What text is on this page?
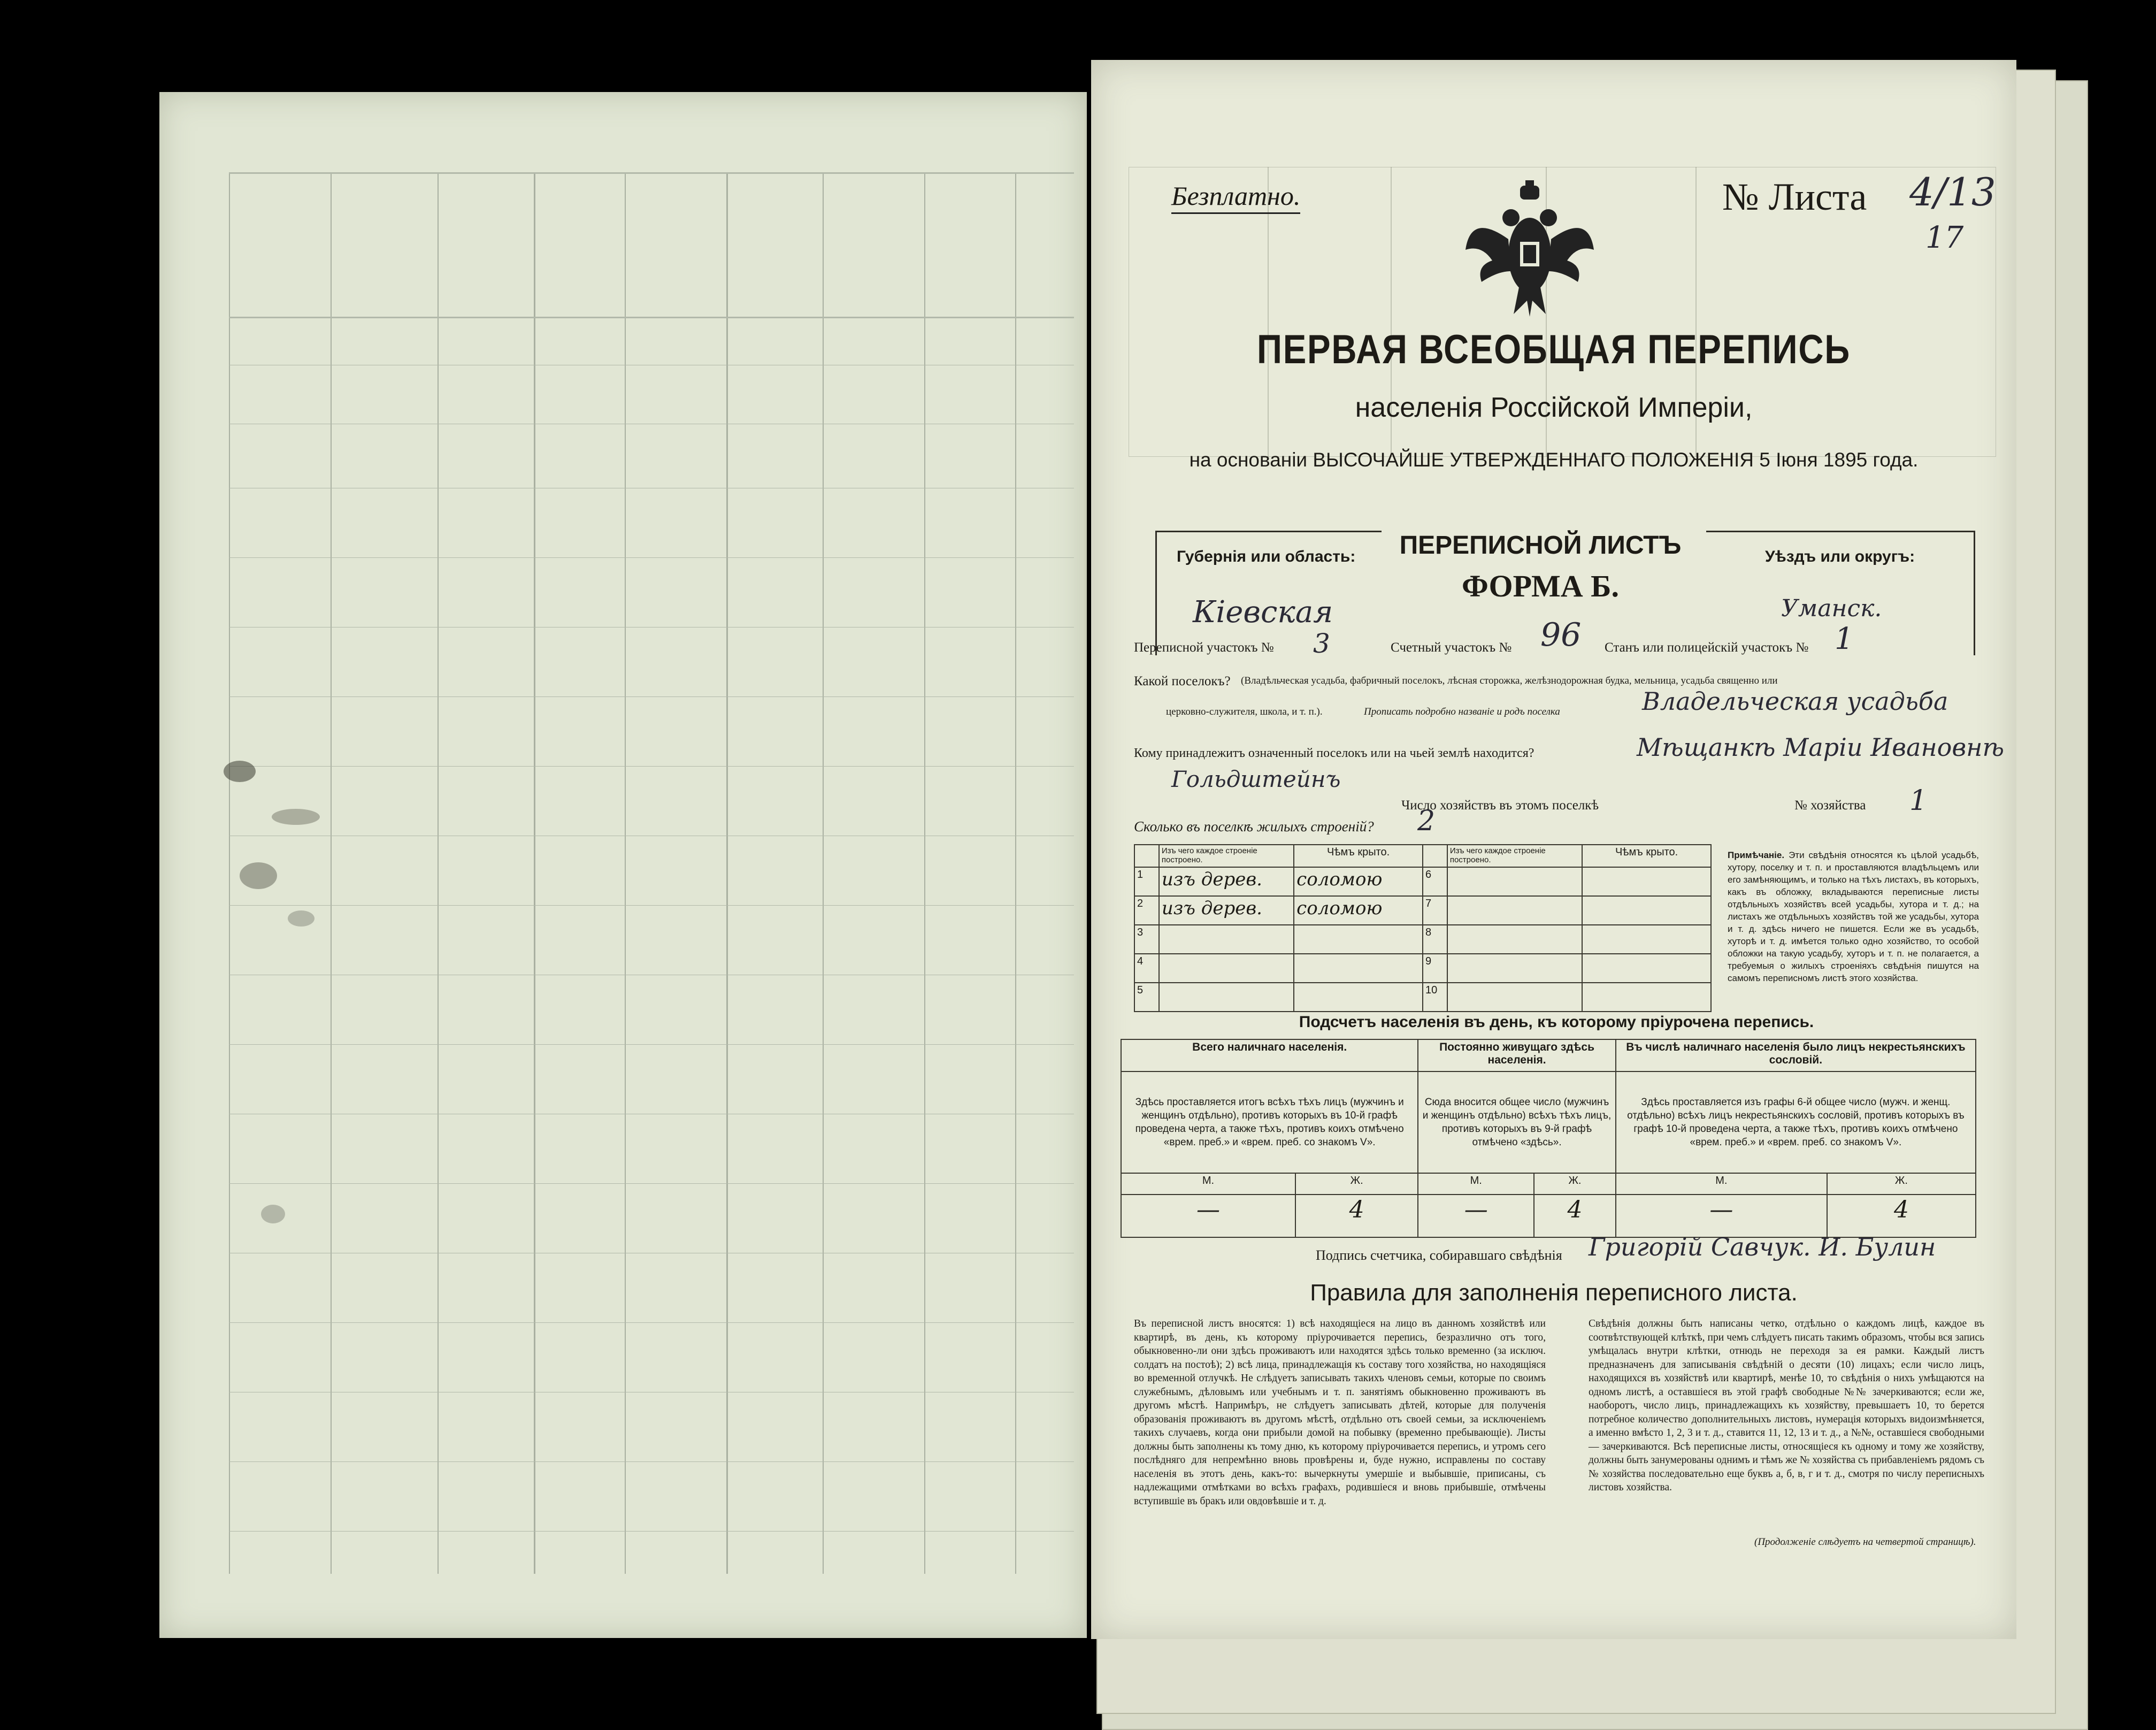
Безплатно.	№ Листа 4/13
17
ПЕРВАЯ ВСЕОБЩАЯ ПЕРЕПИСЬ
населенія Россійской Имперіи,
на основаніи ВЫСОЧАЙШЕ УТВЕРЖДЕННАГО ПОЛОЖЕНІЯ 5 Іюня 1895 года.
Губернія или область:
Кіевская
ПЕРЕПИСНОЙ ЛИСТЪ
ФОРМА Б.
Уѣздъ или округъ:
Уманск.
Переписной участокъ № 3	Счетный участокъ № 96 Станъ или полицейскій участокъ № 1
Какой поселокъ? (Владѣльческая усадьба, фабричный поселокъ, лѣсная сторожка, желѣзнодорожная будка, мельница, усадьба священно или
церковно-служителя, школа, и т. п.).	Прописать подробно названіе и родъ поселка	Владельческая усадьба
Кому принадлежитъ означенный поселокъ или на чьей землѣ находится?	Мѣщанкѣ Маріи Ивановнѣ
Гольдштейнъ
Число хозяйствъ въ этомъ поселкѣ	№ хозяйства 1
Сколько въ поселкѣ жилыхъ строеній? 2
	Изъ чего каждое строеніе построено.	Чѣмъ крыто.		Изъ чего каждое строеніе построено.	Чѣмъ крыто.
1	изъ дерев.	соломою	6		
2	изъ дерев.	соломою	7		
3			8		
4			9		
5			10		
Примѣчаніе. Эти свѣдѣнія относятся къ цѣлой усадьбѣ, хутору, поселку и т. п. и проставляются владѣльцемъ или его замѣняющимъ, и только на тѣхъ листахъ, въ которыхъ, какъ въ обложку, вкладываются переписные листы отдѣльныхъ хозяйствъ всей усадьбы, хутора и т. д.; на листахъ же отдѣльныхъ хозяйствъ той же усадьбы, хутора и т. д. здѣсь ничего не пишется. Если же въ усадьбѣ, хуторѣ и т. д. имѣется только одно хозяйство, то особой обложки на такую усадьбу, хуторъ и т. п. не полагается, а требуемыя о жилыхъ строеніяхъ свѣдѣнія пишутся на самомъ переписномъ листѣ этого хозяйства.
Подсчетъ населенія въ день, къ которому пріурочена перепись.
Всего наличнаго населенія.		Постоянно живущаго здѣсь населенія.		Въ числѣ наличнаго населенія было лицъ некрестьянскихъ сословій.	
Здѣсь проставляется итогъ всѣхъ тѣхъ лицъ (мужчинъ и женщинъ отдѣльно), противъ которыхъ въ 10-й графѣ проведена черта, а также тѣхъ, противъ коихъ отмѣчено «врем. преб.» и «врем. преб. со знакомъ V».		Сюда вносится общее число (мужчинъ и женщинъ отдѣльно) всѣхъ тѣхъ лицъ, противъ которыхъ въ 9-й графѣ отмѣчено «здѣсь».		Здѣсь проставляется изъ графы 6-й общее число (мужч. и женщ. отдѣльно) всѣхъ лицъ некрестьянскихъ сословій, противъ которыхъ въ графѣ 10-й проведена черта, а также тѣхъ, противъ коихъ отмѣчено «врем. преб.» и «врем. преб. со знакомъ V».	
М.	Ж.	М.	Ж.	М.	Ж.
—	4	—	4	—	4
Подпись счетчика, собиравшаго свѣдѣнія Григорій Савчук. И. Булин
Правила для заполненія переписного листа.
Въ переписной листъ вносятся: 1) всѣ находящіеся на лицо въ данномъ хозяйствѣ или квартирѣ, въ день, къ которому пріурочивается перепись, безразлично отъ того, обыкновенно-ли они здѣсь проживаютъ или находятся здѣсь только временно (за исключ. солдатъ на постоѣ); 2) всѣ лица, принадлежащія къ составу того хозяйства, но находящіяся во временной отлучкѣ. Не слѣдуетъ записывать такихъ членовъ семьи, которые по своимъ служебнымъ, дѣловымъ или учебнымъ и т. п. занятіямъ обыкновенно проживаютъ въ другомъ мѣстѣ. Напримѣръ, не слѣдуетъ записывать дѣтей, которые для полученія образованія проживаютъ въ другомъ мѣстѣ, отдѣльно отъ своей семьи, за исключеніемъ такихъ случаевъ, когда они прибыли домой на побывку (временно пребывающіе). Листы должны быть заполнены къ тому дню, къ которому пріурочивается перепись, и утромъ сего послѣдняго для непремѣнно вновь провѣрены и, буде нужно, исправлены по составу населенія въ этотъ день, какъ-то: вычеркнуты умершіе и выбывшіе, приписаны, съ надлежащими отмѣтками во всѣхъ графахъ, родившіеся и вновь прибывшіе, отмѣчены вступившіе въ бракъ или овдовѣвшіе и т. д.
Свѣдѣнія должны быть написаны четко, отдѣльно о каждомъ лицѣ, каждое въ соотвѣтствующей клѣткѣ, при чемъ слѣдуетъ писать такимъ образомъ, чтобы вся запись умѣщалась внутри клѣтки, отнюдь не переходя за ея рамки. Каждый листъ предназначенъ для записыванія свѣдѣній о десяти (10) лицахъ; если число лицъ, находящихся въ хозяйствѣ или квартирѣ, менѣе 10, то свѣдѣнія о нихъ умѣщаются на одномъ листѣ, а оставшіеся въ этой графѣ свободные №№ зачеркиваются; если же, наоборотъ, число лицъ, принадлежащихъ къ хозяйству, превышаетъ 10, то берется потребное количество дополнительныхъ листовъ, нумерація которыхъ видоизмѣняется, а именно вмѣсто 1, 2, 3 и т. д., ставится 11, 12, 13 и т. д., а №№, оставшіеся свободными — зачеркиваются. Всѣ переписные листы, относящіеся къ одному и тому же хозяйству, должны быть занумерованы однимъ и тѣмъ же № хозяйства съ прибавленіемъ рядомъ съ № хозяйства последовательно еще буквъ а, б, в, г и т. д., смотря по числу переписныхъ листовъ хозяйства.
(Продолженіе слѣдуетъ на четвертой страницѣ).
